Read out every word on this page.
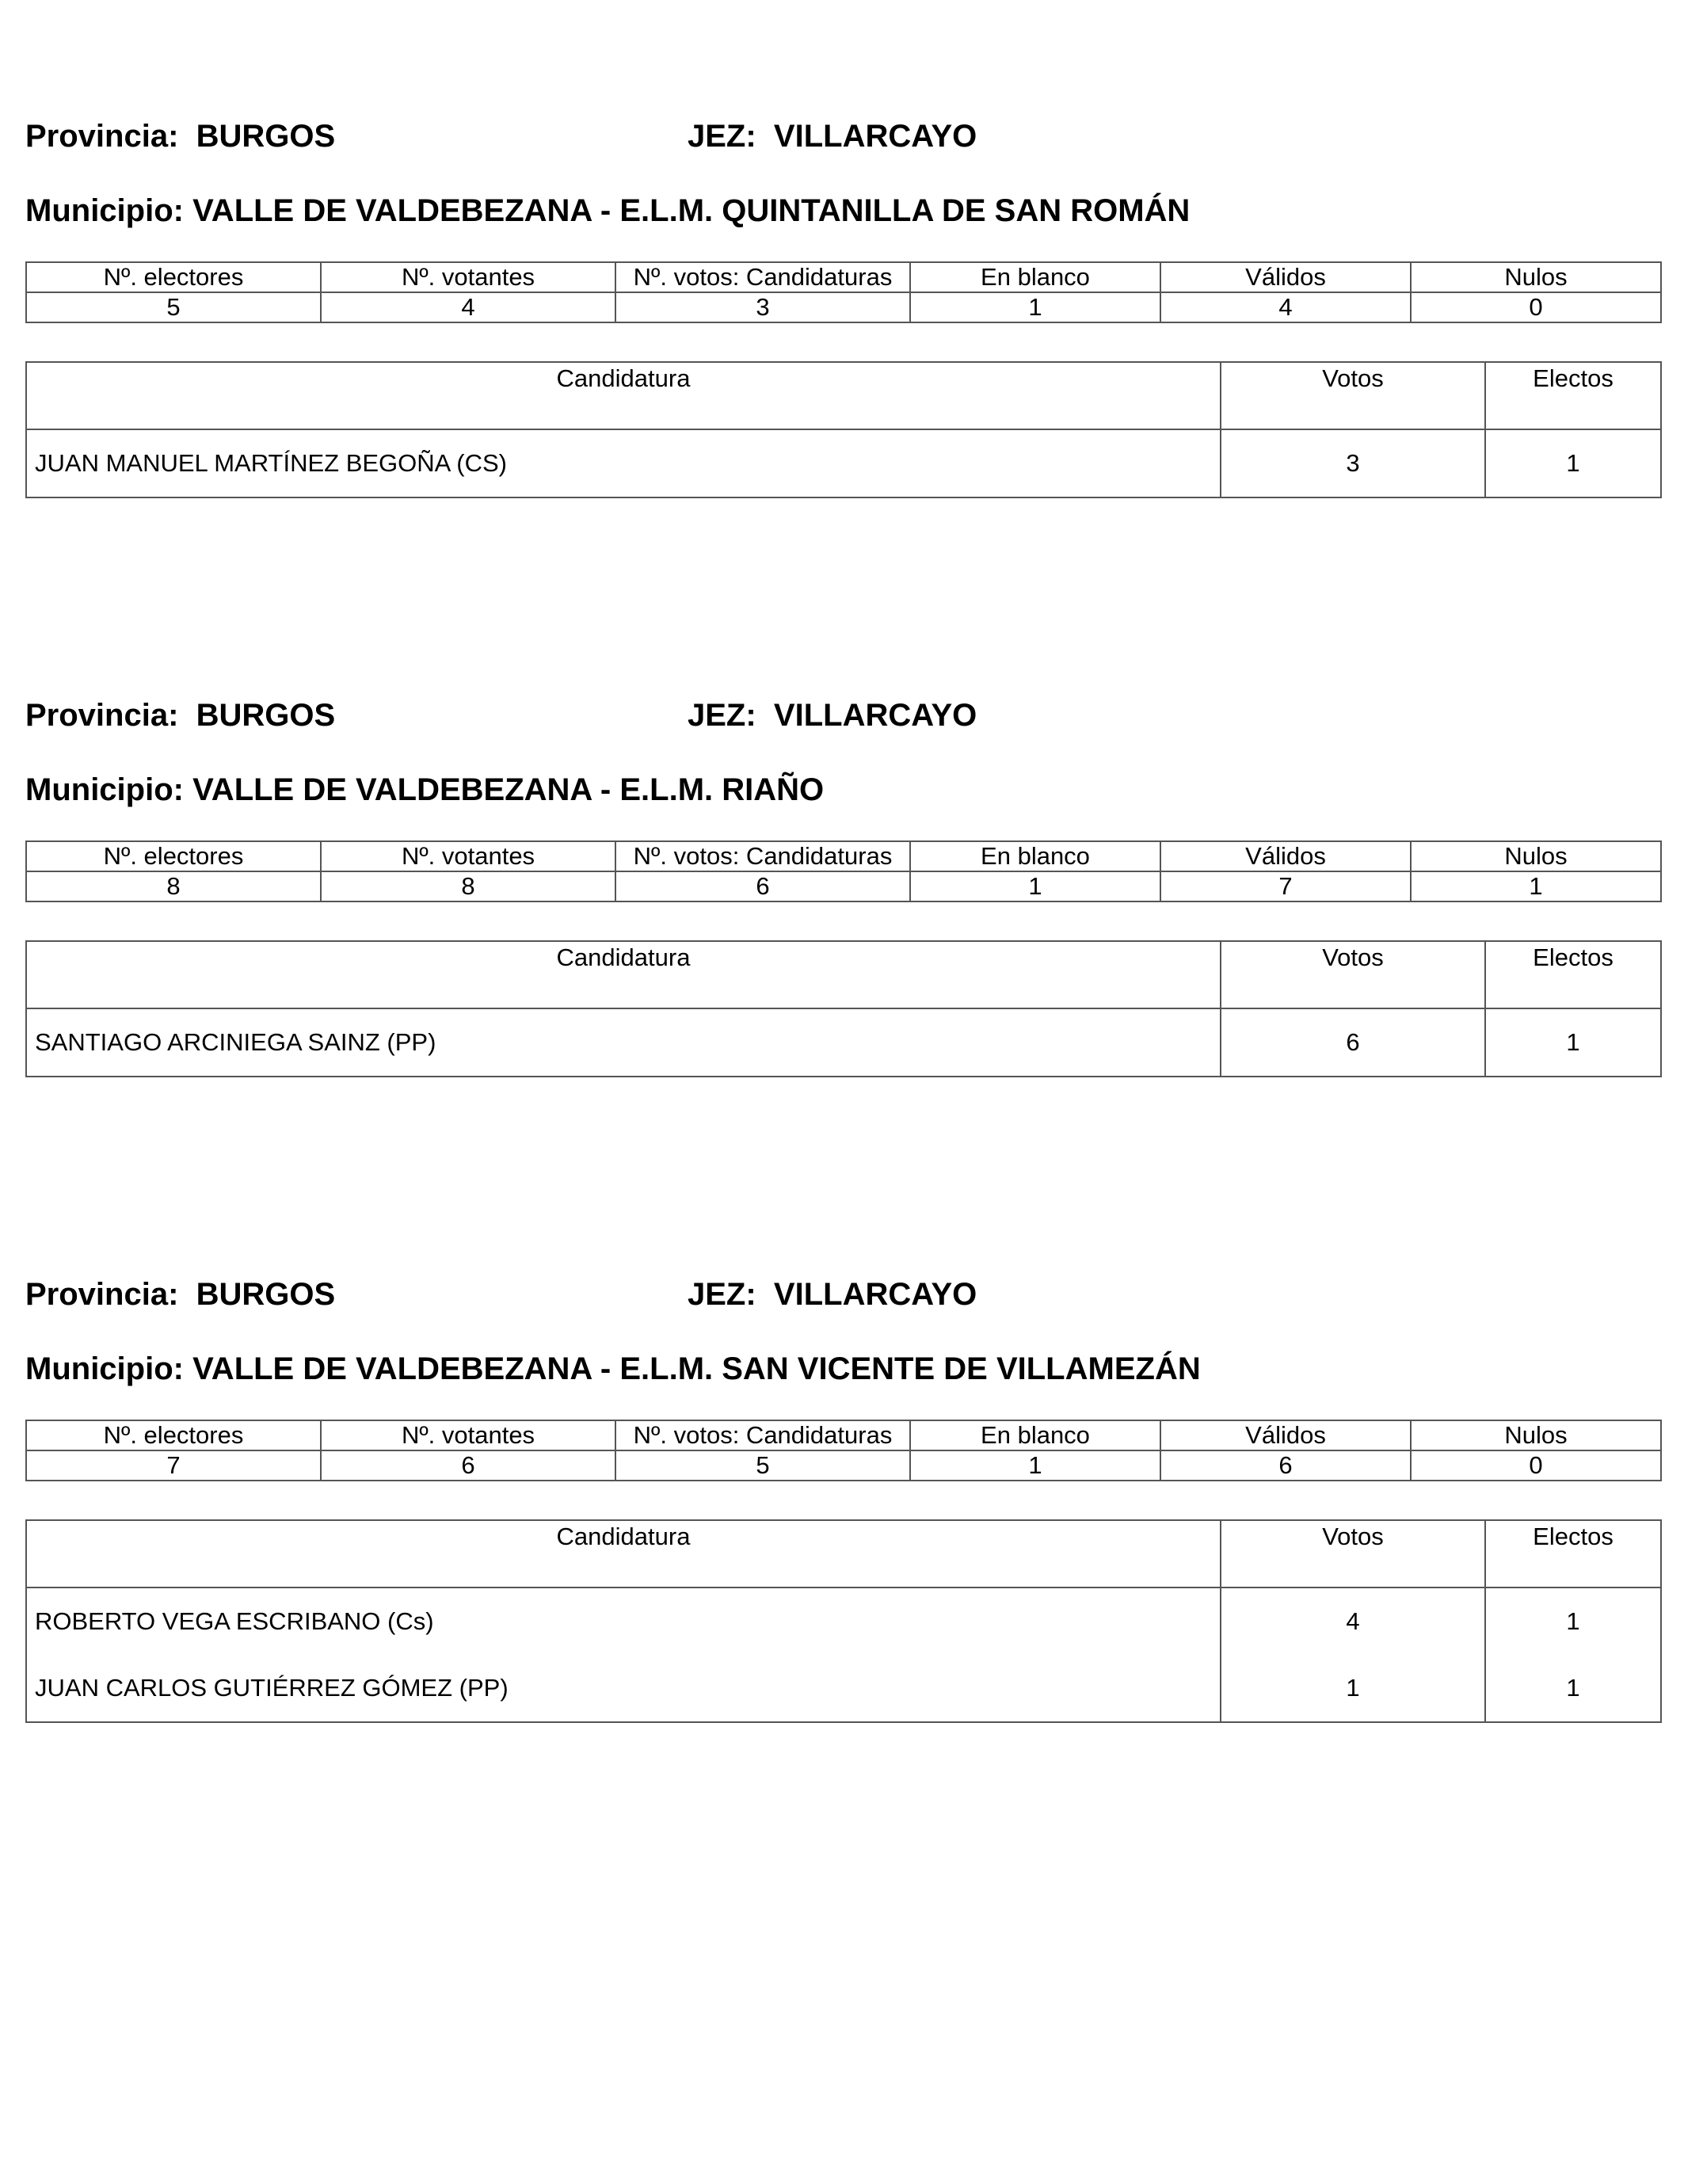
Provincia: BURGOS	JEZ: VILLARCAYO
Municipio: VALLE DE VALDEBEZANA - E.L.M. QUINTANILLA DE SAN ROMÁN
Nº. electores	Nº. votantes	Nº. votos: Candidaturas	En blanco	Válidos	Nulos
5	4	3	1	4	0
Candidatura	Votos	Electos
JUAN MANUEL MARTÍNEZ BEGOÑA (CS)	3	1
Provincia: BURGOS	JEZ: VILLARCAYO
Municipio: VALLE DE VALDEBEZANA - E.L.M. RIAÑO
Nº. electores	Nº. votantes	Nº. votos: Candidaturas	En blanco	Válidos	Nulos
8	8	6	1	7	1
Candidatura	Votos	Electos
SANTIAGO ARCINIEGA SAINZ (PP)	6	1
Provincia: BURGOS	JEZ: VILLARCAYO
Municipio: VALLE DE VALDEBEZANA - E.L.M. SAN VICENTE DE VILLAMEZÁN
Nº. electores	Nº. votantes	Nº. votos: Candidaturas	En blanco	Válidos	Nulos
7	6	5	1	6	0
Candidatura	Votos	Electos
ROBERTO VEGA ESCRIBANO (Cs)	4	1
JUAN CARLOS GUTIÉRREZ GÓMEZ (PP)	1	1
